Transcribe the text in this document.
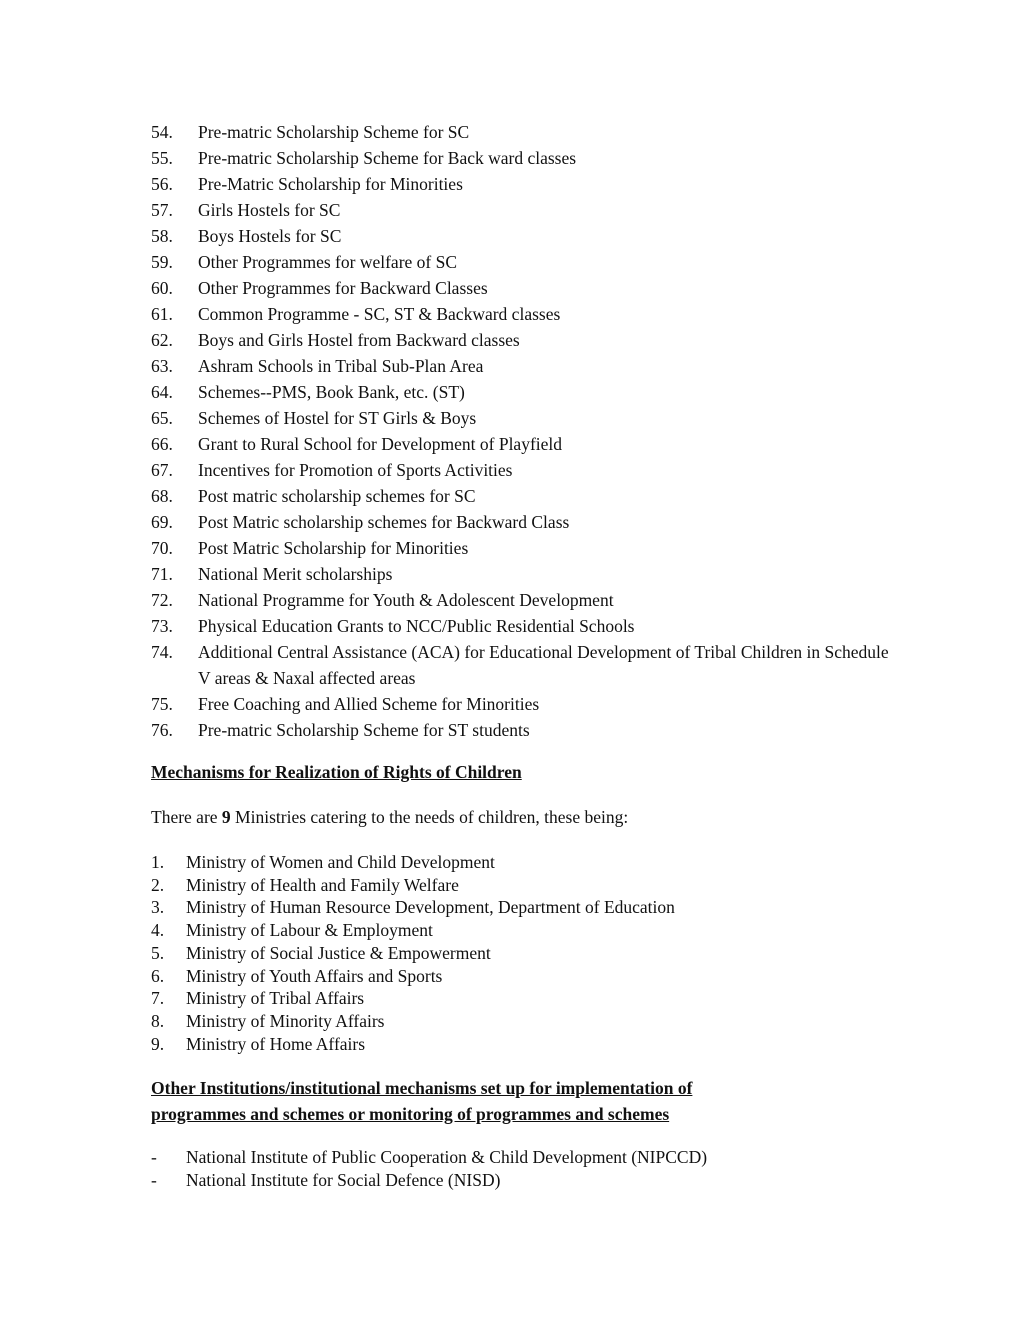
54.	Pre-matric Scholarship Scheme for SC
55.	Pre-matric Scholarship Scheme for Back ward classes
56.	Pre-Matric Scholarship for Minorities
57.	Girls Hostels for SC
58.	Boys Hostels for SC
59.	Other Programmes for welfare of SC
60.	Other Programmes for Backward Classes
61.	Common Programme - SC, ST & Backward classes
62.	Boys and Girls Hostel from Backward classes
63.	Ashram Schools in Tribal Sub-Plan Area
64.	Schemes--PMS, Book Bank, etc. (ST)
65.	Schemes of Hostel for ST Girls & Boys
66.	Grant to Rural School for Development of Playfield
67.	Incentives for Promotion of Sports Activities
68.	Post matric scholarship schemes for SC
69.	Post Matric scholarship schemes for Backward Class
70.	Post Matric Scholarship for Minorities
71.	National Merit scholarships
72.	National Programme for Youth & Adolescent Development
73.	Physical Education Grants to NCC/Public Residential Schools
74.	Additional Central Assistance (ACA) for Educational Development of Tribal Children in Schedule V areas & Naxal affected areas
75.	Free Coaching and Allied Scheme for Minorities
76.	Pre-matric Scholarship Scheme for ST students
Mechanisms for Realization of Rights of Children

There are 9 Ministries catering to the needs of children, these being:

1.	Ministry of Women and Child Development
2.	Ministry of Health and Family Welfare
3.	Ministry of Human Resource Development, Department of Education
4.	Ministry of Labour & Employment
5.	Ministry of Social Justice & Empowerment
6.	Ministry of Youth Affairs and Sports
7.	Ministry of Tribal Affairs
8.	Ministry of Minority Affairs
9.	Ministry of Home Affairs
Other Institutions/institutional mechanisms set up for implementation of
programmes and schemes or monitoring of programmes and schemes
-	National Institute of Public Cooperation & Child Development (NIPCCD)
-	National Institute for Social Defence (NISD)
